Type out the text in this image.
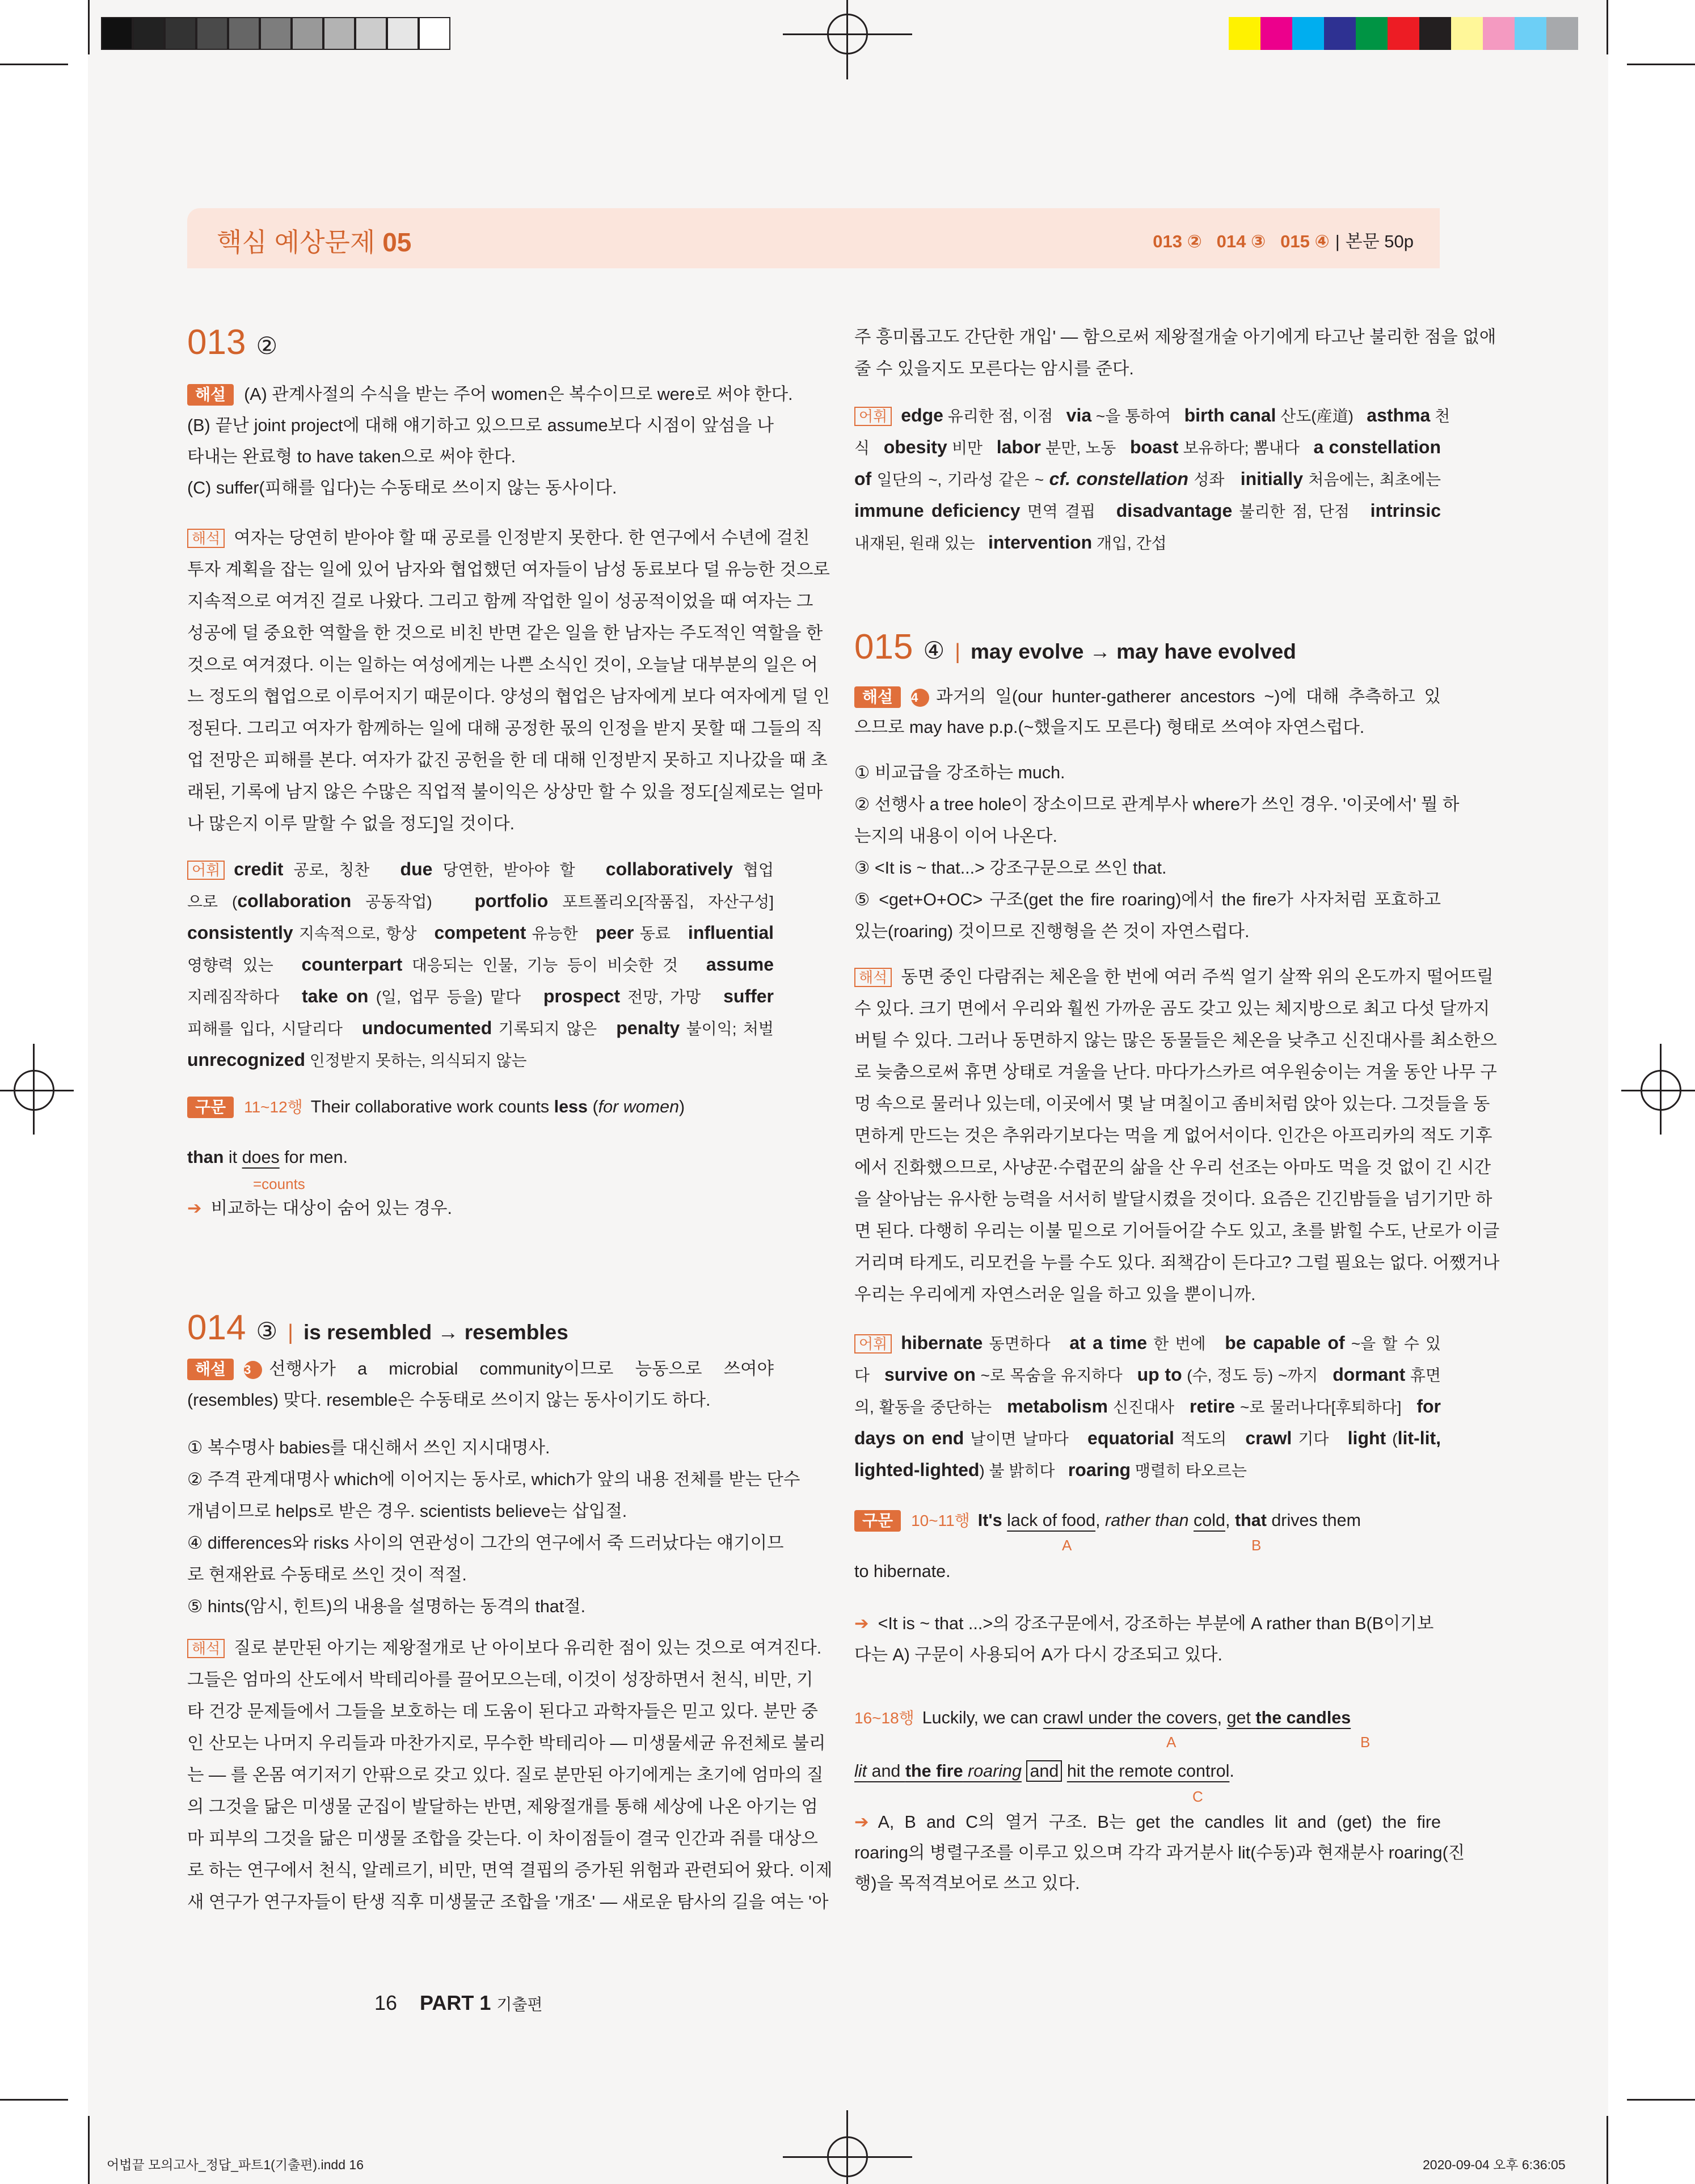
핵심 예상문제 05	013 ② 014 ③ 015 ④ | 본문 50p
013 ②
해설 (A) 관계사절의 수식을 받는 주어 women은 복수이므로 were로 써야 한다.
(B) 끝난 joint project에 대해 얘기하고 있으므로 assume보다 시점이 앞섬을 나
타내는 완료형 to have taken으로 써야 한다.
(C) suffer(피해를 입다)는 수동태로 쓰이지 않는 동사이다.
해석 여자는 당연히 받아야 할 때 공로를 인정받지 못한다. 한 연구에서 수년에 걸친
투자 계획을 잡는 일에 있어 남자와 협업했던 여자들이 남성 동료보다 덜 유능한 것으로
지속적으로 여겨진 걸로 나왔다. 그리고 함께 작업한 일이 성공적이었을 때 여자는 그
성공에 덜 중요한 역할을 한 것으로 비친 반면 같은 일을 한 남자는 주도적인 역할을 한
것으로 여겨졌다. 이는 일하는 여성에게는 나쁜 소식인 것이, 오늘날 대부분의 일은 어
느 정도의 협업으로 이루어지기 때문이다. 양성의 협업은 남자에게 보다 여자에게 덜 인
정된다. 그리고 여자가 함께하는 일에 대해 공정한 몫의 인정을 받지 못할 때 그들의 직
업 전망은 피해를 본다. 여자가 값진 공헌을 한 데 대해 인정받지 못하고 지나갔을 때 초
래된, 기록에 남지 않은 수많은 직업적 불이익은 상상만 할 수 있을 정도[실제로는 얼마
나 많은지 이루 말할 수 없을 정도]일 것이다.
어휘 credit 공로, 칭찬   due 당연한, 받아야 할   collaboratively 협업
으로 (collaboration 공동작업)   portfolio 포트폴리오[작품집, 자산구성]
consistently 지속적으로, 항상   competent 유능한   peer 동료   influential
영향력 있는   counterpart 대응되는 인물, 기능 등이 비슷한 것   assume
지레짐작하다   take on (일, 업무 등을) 맡다   prospect 전망, 가망   suffer
피해를 입다, 시달리다   undocumented 기록되지 않은   penalty 불이익; 처벌
unrecognized 인정받지 못하는, 의식되지 않는
구문 11~12행 Their collaborative work counts less (for women)
than it does for men.
=counts
➔ 비교하는 대상이 숨어 있는 경우.
014 ③ | is resembled → resembles
해설 3 선행사가 a microbial community이므로 능동으로 쓰여야
(resembles) 맞다. resemble은 수동태로 쓰이지 않는 동사이기도 하다.
① 복수명사 babies를 대신해서 쓰인 지시대명사.
② 주격 관계대명사 which에 이어지는 동사로, which가 앞의 내용 전체를 받는 단수
개념이므로 helps로 받은 경우. scientists believe는 삽입절.
④ differences와 risks 사이의 연관성이 그간의 연구에서 죽 드러났다는 얘기이므
로 현재완료 수동태로 쓰인 것이 적절.
⑤ hints(암시, 힌트)의 내용을 설명하는 동격의 that절.
해석 질로 분만된 아기는 제왕절개로 난 아이보다 유리한 점이 있는 것으로 여겨진다.
그들은 엄마의 산도에서 박테리아를 끌어모으는데, 이것이 성장하면서 천식, 비만, 기
타 건강 문제들에서 그들을 보호하는 데 도움이 된다고 과학자들은 믿고 있다. 분만 중
인 산모는 나머지 우리들과 마찬가지로, 무수한 박테리아 ― 미생물세균 유전체로 불리
는 ― 를 온몸 여기저기 안팎으로 갖고 있다. 질로 분만된 아기에게는 초기에 엄마의 질
의 그것을 닮은 미생물 군집이 발달하는 반면, 제왕절개를 통해 세상에 나온 아기는 엄
마 피부의 그것을 닮은 미생물 조합을 갖는다. 이 차이점들이 결국 인간과 쥐를 대상으
로 하는 연구에서 천식, 알레르기, 비만, 면역 결핍의 증가된 위험과 관련되어 왔다. 이제
새 연구가 연구자들이 탄생 직후 미생물군 조합을 '개조' ― 새로운 탐사의 길을 여는 '아
16 PART 1 기출편
주 흥미롭고도 간단한 개입' ― 함으로써 제왕절개술 아기에게 타고난 불리한 점을 없애
줄 수 있을지도 모른다는 암시를 준다.
어휘 edge 유리한 점, 이점   via ~을 통하여   birth canal 산도(産道)   asthma 천
식   obesity 비만   labor 분만, 노동   boast 보유하다; 뽐내다   a constellation
of 일단의 ~, 기라성 같은 ~ cf. constellation 성좌   initially 처음에는, 최초에는
immune deficiency 면역 결핍   disadvantage 불리한 점, 단점   intrinsic
내재된, 원래 있는   intervention 개입, 간섭
015 ④ | may evolve → may have evolved
해설 4 과거의 일(our hunter-gatherer ancestors ~)에 대해 추측하고 있
으므로 may have p.p.(~했을지도 모른다) 형태로 쓰여야 자연스럽다.
① 비교급을 강조하는 much.
② 선행사 a tree hole이 장소이므로 관계부사 where가 쓰인 경우. '이곳에서' 뭘 하
는지의 내용이 이어 나온다.
③ <It is ~ that...> 강조구문으로 쓰인 that.
⑤ <get+O+OC> 구조(get the fire roaring)에서 the fire가 사자처럼 포효하고
있는(roaring) 것이므로 진행형을 쓴 것이 자연스럽다.
해석 동면 중인 다람쥐는 체온을 한 번에 여러 주씩 얼기 살짝 위의 온도까지 떨어뜨릴
수 있다. 크기 면에서 우리와 훨씬 가까운 곰도 갖고 있는 체지방으로 최고 다섯 달까지
버틸 수 있다. 그러나 동면하지 않는 많은 동물들은 체온을 낮추고 신진대사를 최소한으
로 늦춤으로써 휴면 상태로 겨울을 난다. 마다가스카르 여우원숭이는 겨울 동안 나무 구
멍 속으로 물러나 있는데, 이곳에서 몇 날 며칠이고 좀비처럼 앉아 있는다. 그것들을 동
면하게 만드는 것은 추위라기보다는 먹을 게 없어서이다. 인간은 아프리카의 적도 기후
에서 진화했으므로, 사냥꾼·수렵꾼의 삶을 산 우리 선조는 아마도 먹을 것 없이 긴 시간
을 살아남는 유사한 능력을 서서히 발달시켰을 것이다. 요즘은 긴긴밤들을 넘기기만 하
면 된다. 다행히 우리는 이불 밑으로 기어들어갈 수도 있고, 초를 밝힐 수도, 난로가 이글
거리며 타게도, 리모컨을 누를 수도 있다. 죄책감이 든다고? 그럴 필요는 없다. 어쨌거나
우리는 우리에게 자연스러운 일을 하고 있을 뿐이니까.
어휘 hibernate 동면하다   at a time 한 번에   be capable of ~을 할 수 있
다   survive on ~로 목숨을 유지하다   up to (수, 정도 등) ~까지   dormant 휴면
의, 활동을 중단하는   metabolism 신진대사   retire ~로 물러나다[후퇴하다]   for
days on end 날이면 날마다   equatorial 적도의   crawl 기다   light (lit-lit,
lighted-lighted) 불 밝히다   roaring 맹렬히 타오르는
구문 10~11행 It's lack of food, rather than cold, that drives them
A	B
to hibernate.
➔ <It is ~ that ...>의 강조구문에서, 강조하는 부분에 A rather than B(B이기보
다는 A) 구문이 사용되어 A가 다시 강조되고 있다.
16~18행 Luckily, we can crawl under the covers, get the candles
A	B
lit and the fire roaring and hit the remote control.
C
➔ A, B and C의 열거 구조. B는 get the candles lit and (get) the fire
roaring의 병렬구조를 이루고 있으며 각각 과거분사 lit(수동)과 현재분사 roaring(진
행)을 목적격보어로 쓰고 있다.
어법끝 모의고사_정답_파트1(기출편).indd 16	2020-09-04 오후 6:36:05
